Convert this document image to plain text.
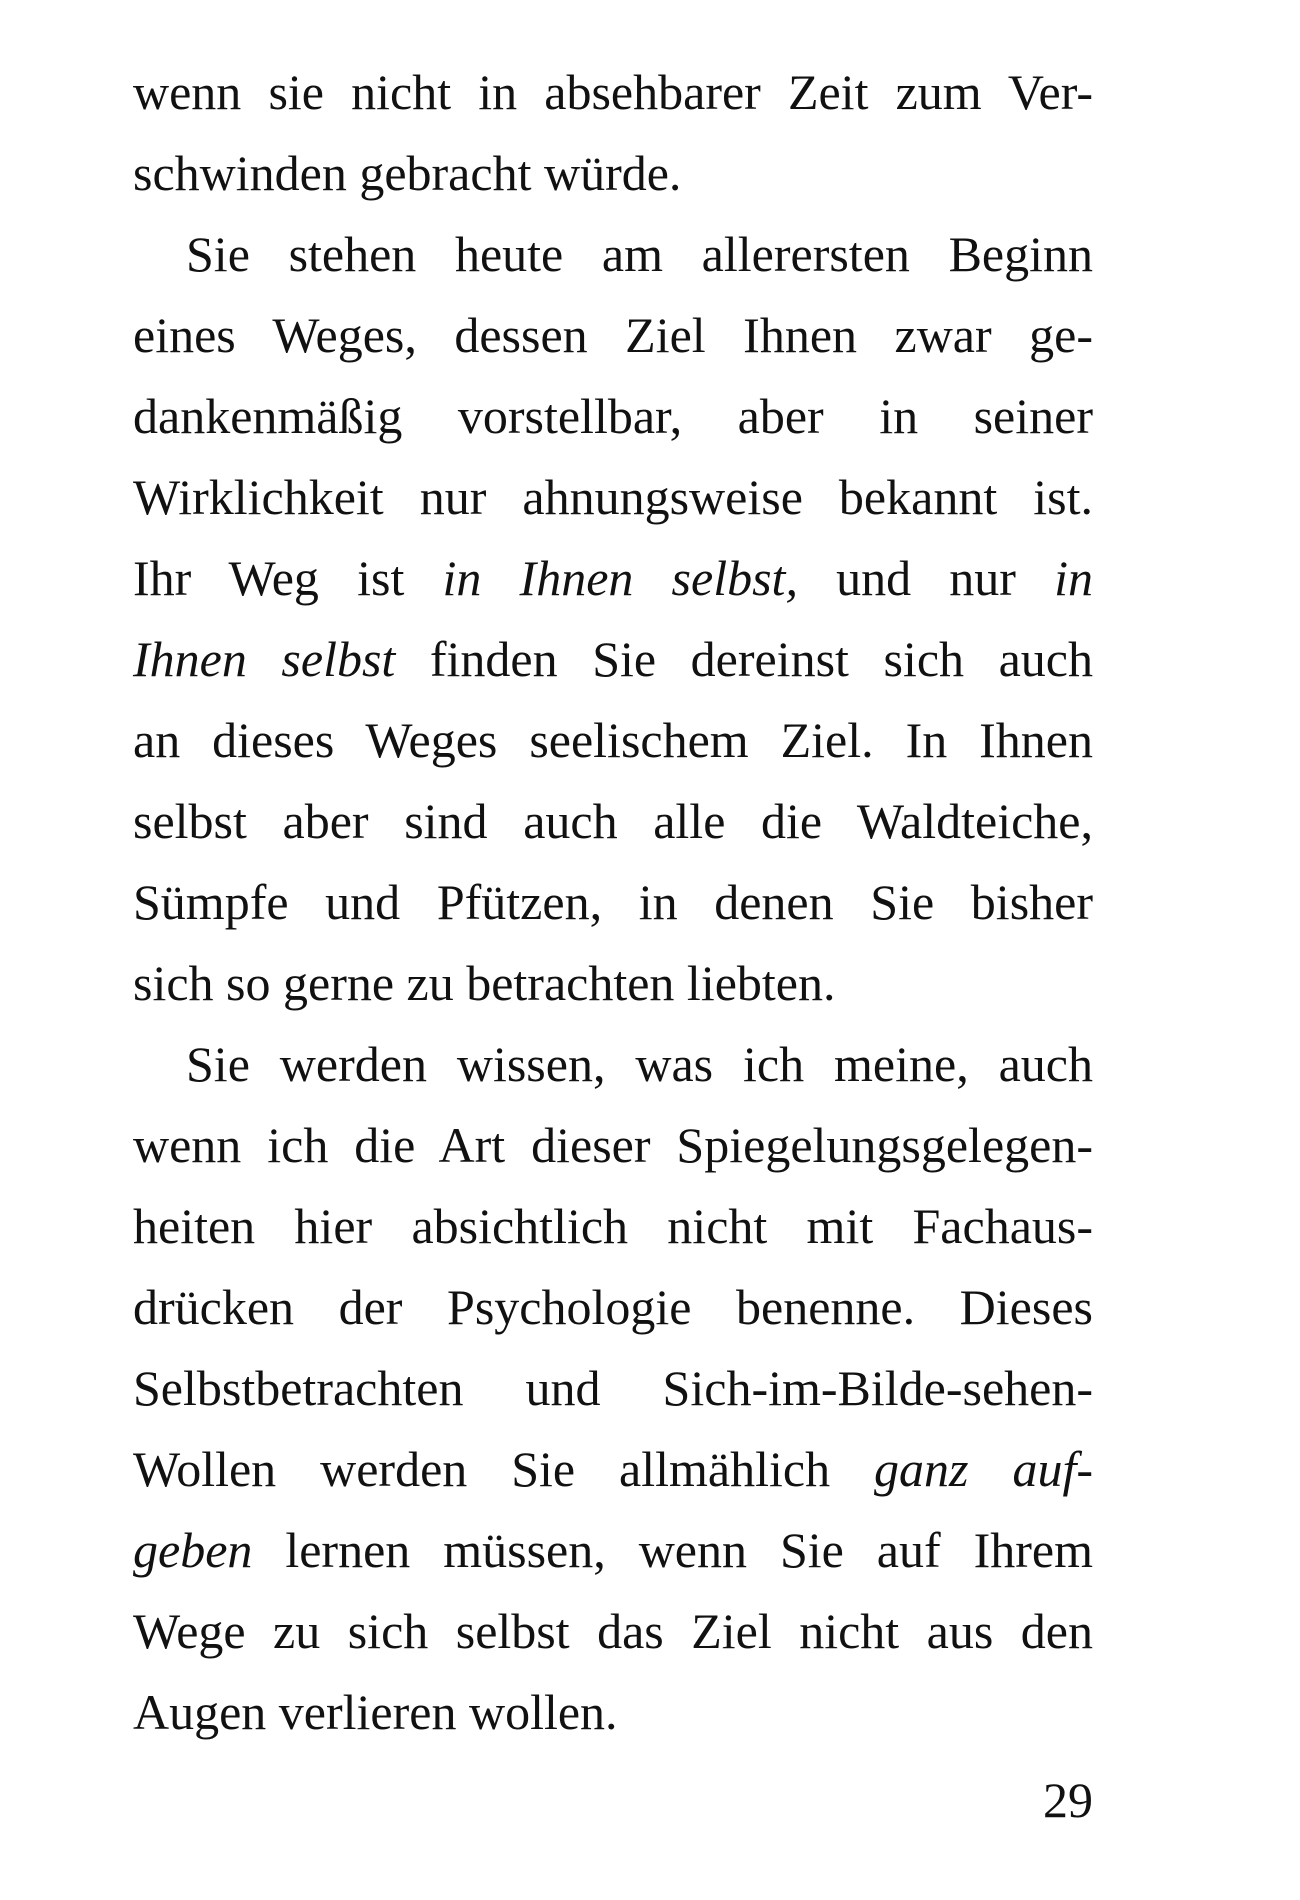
wenn sie nicht in absehbarer Zeit zum Ver-
schwinden gebracht würde.
Sie stehen heute am allerersten Beginn
eines Weges, dessen Ziel Ihnen zwar ge-
dankenmäßig vorstellbar, aber in seiner
Wirklichkeit nur ahnungsweise bekannt ist.
Ihr Weg ist in Ihnen selbst, und nur in
Ihnen selbst finden Sie dereinst sich auch
an dieses Weges seelischem Ziel. In Ihnen
selbst aber sind auch alle die Waldteiche,
Sümpfe und Pfützen, in denen Sie bisher
sich so gerne zu betrachten liebten.
Sie werden wissen, was ich meine, auch
wenn ich die Art dieser Spiegelungsgelegen-
heiten hier absichtlich nicht mit Fachaus-
drücken der Psychologie benenne. Dieses
Selbstbetrachten und Sich-im-Bilde-sehen-
Wollen werden Sie allmählich ganz auf-
geben lernen müssen, wenn Sie auf Ihrem
Wege zu sich selbst das Ziel nicht aus den
Augen verlieren wollen.
29
